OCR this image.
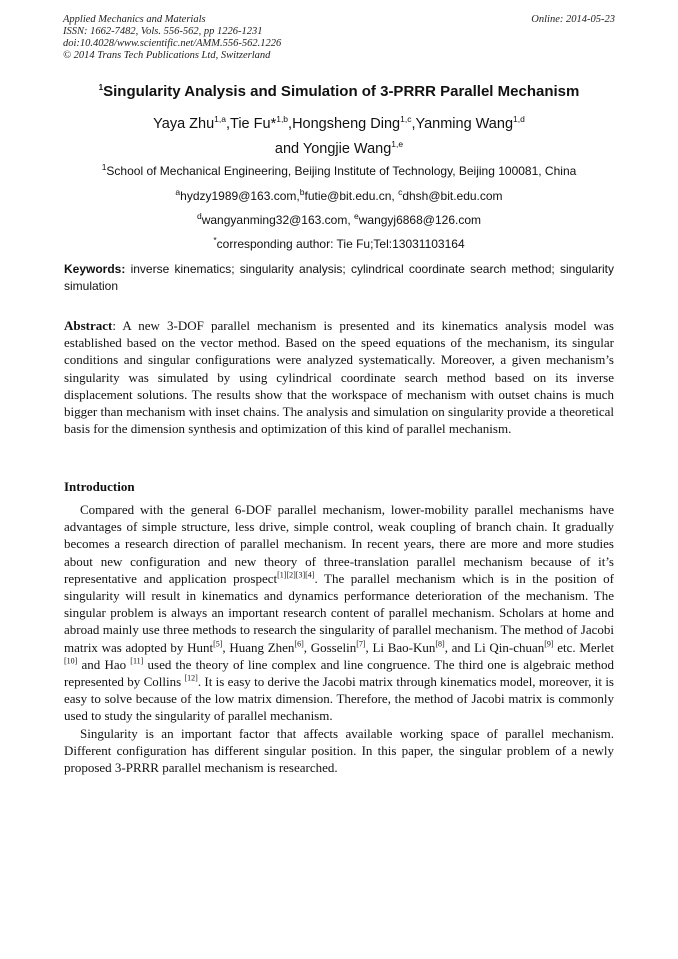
Applied Mechanics and Materials
ISSN: 1662-7482, Vols. 556-562, pp 1226-1231
doi:10.4028/www.scientific.net/AMM.556-562.1226
© 2014 Trans Tech Publications Ltd, Switzerland
Online: 2014-05-23
$^1$Singularity Analysis and Simulation of 3-PRRR Parallel Mechanism
Yaya Zhu$^{1,a}$,Tie Fu*$^{1,b}$,Hongsheng Ding$^{1,c}$,Yanming Wang$^{1,d}$
and Yongjie Wang$^{1,e}$
$^1$School of Mechanical Engineering, Beijing Institute of Technology, Beijing 100081, China
$^a$hydzy1989@163.com,$^b$futie@bit.edu.cn, $^c$dhsh@bit.edu.com
$^d$wangyanming32@163.com, $^e$wangyj6868@126.com
*corresponding author: Tie Fu;Tel:13031103164
Keywords: inverse kinematics; singularity analysis; cylindrical coordinate search method; singularity simulation
Abstract: A new 3-DOF parallel mechanism is presented and its kinematics analysis model was established based on the vector method. Based on the speed equations of the mechanism, its singular conditions and singular configurations were analyzed systematically. Moreover, a given mechanism’s singularity was simulated by using cylindrical coordinate search method based on its inverse displacement solutions. The results show that the workspace of mechanism with outset chains is much bigger than mechanism with inset chains. The analysis and simulation on singularity provide a theoretical basis for the dimension synthesis and optimization of this kind of parallel mechanism.
Introduction

Compared with the general 6-DOF parallel mechanism, lower-mobility parallel mechanisms have advantages of simple structure, less drive, simple control, weak coupling of branch chain. It gradually becomes a research direction of parallel mechanism. In recent years, there are more and more studies about new configuration and new theory of three-translation parallel mechanism because of it’s representative and application prospect[1][2][3][4]. The parallel mechanism which is in the position of singularity will result in kinematics and dynamics performance deterioration of the mechanism. The singular problem is always an important research content of parallel mechanism. Scholars at home and abroad mainly use three methods to research the singularity of parallel mechanism. The method of Jacobi matrix was adopted by Hunt[5], Huang Zhen[6], Gosselin[7], Li Bao-Kun[8], and Li Qin-chuan[9] etc. Merlet [10] and Hao [11] used the theory of line complex and line congruence. The third one is algebraic method represented by Collins [12]. It is easy to derive the Jacobi matrix through kinematics model, moreover, it is easy to solve because of the low matrix dimension. Therefore, the method of Jacobi matrix is commonly used to study the singularity of parallel mechanism.

Singularity is an important factor that affects available working space of parallel mechanism. Different configuration has different singular position. In this paper, the singular problem of a newly proposed 3-PRRR parallel mechanism is researched.
